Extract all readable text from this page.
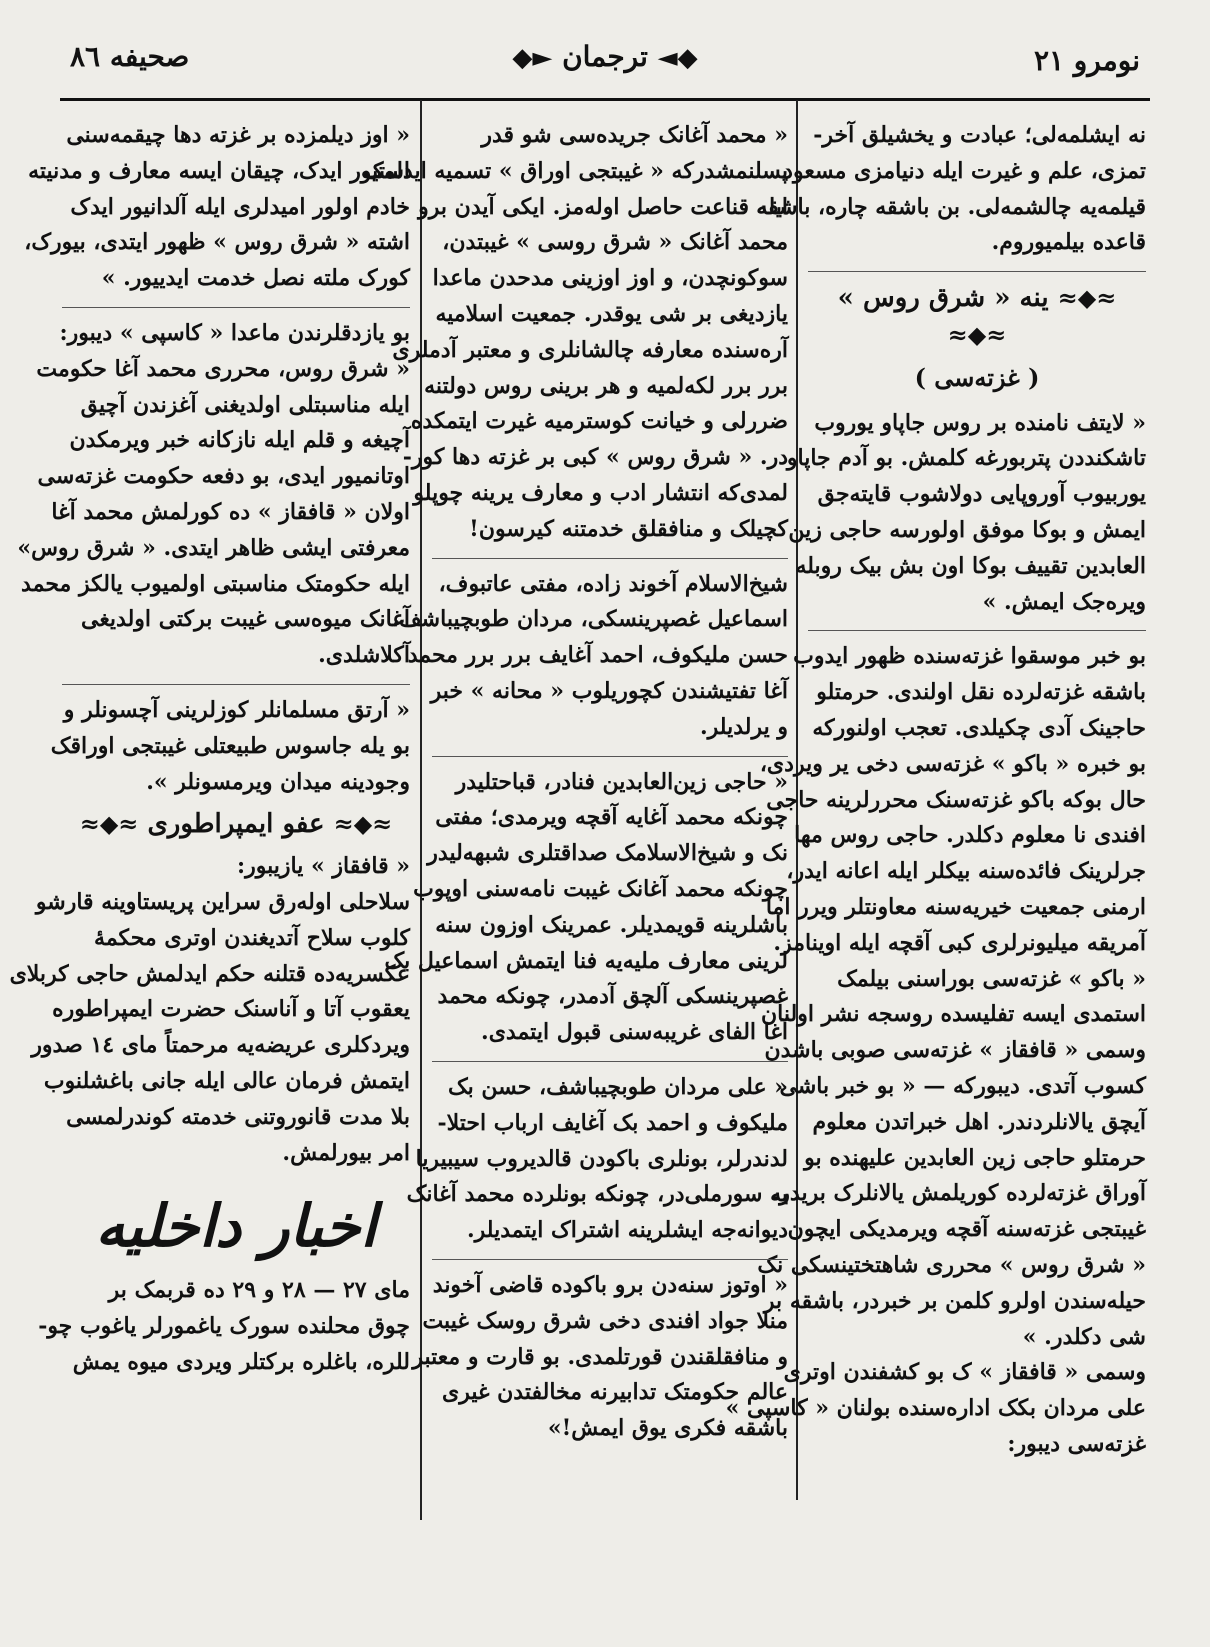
صحیفه ٨٦	◆◄ ترجمان ►◆	نومرو ٢١
نه ایشلمه‌لی؛ عبادت و یخشیلق آخر-
تمزی، علم و غیرت ایله دنیامزی مسعود
قیلمه‌یه چالشمه‌لی. بن باشقه چاره، باشقه
قاعده بیلمیوروم.
≈◆≈ ینه « شرق روس » ≈◆≈
( غزته‌سی )
« لایتف نامنده بر روس جاپاو یوروب
تاشکنددن پتربورغه کلمش. بو آدم جاپاو
یوربیوب آوروپایی دولاشوب قایته‌جق
ایمش و بوکا موفق اولورسه حاجی زین
العابدین تقییف بوکا اون بش بیک روبله
ویره‌جک ایمش. »
بو خبر موسقوا غزته‌سنده ظهور ایدوب
باشقه غزته‌لرده نقل اولندی. حرمتلو
حاجینک آدی چکیلدی. تعجب اولنورکه
بو خبره « باکو » غزته‌سی دخی یر ویردی،
حال بوکه باکو غزته‌سنک محررلرینه حاجی
افندی نا معلوم دکلدر. حاجی روس مها
جرلرینک فائده‌سنه بیکلر ایله اعانه ایدر،
ارمنی جمعیت خیریه‌سنه معاونتلر ویرر اما
آمریقه میلیونرلری کبی آقچه ایله اوینامز.
« باکو » غزته‌سی بوراسنی بیلمک
استمدی ایسه تفلیسده روسجه نشر اولنان
وسمی « قافقاز » غزته‌سی صوبی باشدن
کسوب آتدی. دیبورکه — « بو خبر باشی
آیچق یالانلردندر. اهل خبراتدن معلوم
حرمتلو حاجی زین العابدین علیهنده بو
آوراق غزته‌لرده کوریلمش یالانلرک بریدر.
غیبتجی غزته‌سنه آقچه ویرمدیکی ایچون
« شرق روس » محرری شاهتختینسکی نک
حیله‌سندن اولرو کلمن بر خبردر، باشقه بر
شی دکلدر. »
وسمی « قافقاز » ک بو کشفندن اوتری
علی مردان بکک اداره‌سنده بولنان « کاسپی »
غزته‌سی دیبور:
« محمد آغانک جریده‌سی شو قدر
پسلنمشدرکه « غیبتجی اوراق » تسمیه ایدلمک
ایله قناعت حاصل اوله‌مز. ایکی آیدن برو
محمد آغانک « شرق روسی » غیبتدن،
سوکونچدن، و اوز اوزینی مدحدن ماعدا
یازدیغی بر شی یوقدر. جمعیت اسلامیه
آره‌سنده معارفه چالشانلری و معتبر آدملری
برر برر لکه‌لمیه و هر برینی روس دولتنه
ضررلی و خیانت کوسترمیه غیرت ایتمکده
در. « شرق روس » کبی بر غزته دها کور-
لمدی‌که انتشار ادب و معارف یرینه چوپلو
کچیلک و منافقلق خدمتنه کیرسون!
شیخ‌الاسلام آخوند زاده، مفتی عاتبوف،
اسماعیل غصپرینسکی، مردان طوبچیباشف،
حسن ملیکوف، احمد آغایف برر برر محمد
آغا تفتیشندن کچوریلوب « محانه » خبر
و یرلدیلر.
« حاجی زین‌العابدین فنادر، قباحتلیدر
چونکه محمد آغایه آقچه ویرمدی؛ مفتی
نک و شیخ‌الاسلامک صداقتلری شبهه‌لیدر
چونکه محمد آغانک غیبت نامه‌سنی اوپوب
باشلرینه قویمدیلر. عمرینک اوزون سنه
لرینی معارف ملیه‌یه فنا ایتمش اسماعیل بک
غصپرینسکی آلچق آدمدر، چونکه محمد
آغا الفای غریبه‌سنی قبول ایتمدی.
« علی مردان طوبچیباشف، حسن بک
ملیکوف و احمد بک آغایف ارباب احتلا-
لدندرلر، بونلری باکودن قالدیروب سیبیریا
یه سورملی‌در، چونکه بونلرده محمد آغانک
دیوانه‌جه ایشلرینه اشتراک ایتمدیلر.
« اوتوز سنه‌دن برو باکوده قاضی آخوند
منلا جواد افندی دخی شرق روسک غیبت
و منافقلقندن قورتلمدی. بو قارت و معتبر
عالم حکومتک تدابیرنه مخالفتدن غیری
باشقه فکری یوق ایمش!»
« اوز دیلمزده بر غزته دها چیقمه‌سنی
استیور ایدک، چیقان ایسه معارف و مدنیته
خادم اولور امیدلری ایله آلدانیور ایدک
اشته « شرق روس » ظهور ایتدی، بیورک،
کورک ملته نصل خدمت ایدییور. »
بو یازدقلرندن ماعدا « کاسپی » دیبور:
« شرق روس، محرری محمد آغا حکومت
ایله مناسبتلی اولدیغنی آغزندن آچیق
آچیغه و قلم ایله نازکانه خبر ویرمکدن
اوتانمیور ایدی، بو دفعه حکومت غزته‌سی
اولان « قافقاز » ده کورلمش محمد آغا
معرفتی ایشی ظاهر ایتدی. « شرق روس»
ایله حکومتک مناسبتی اولمیوب یالکز محمد
آغانک میوه‌سی غیبت برکتی اولدیغی
آکلاشلدی.
« آرتق مسلمانلر کوزلرینی آچسونلر و
بو یله جاسوس طبیعتلی غیبتجی اوراقک
وجودینه میدان ویرمسونلر ».
≈◆≈ عفو ایمپراطوری ≈◆≈
« قافقاز » یازیبور:
سلاحلی اوله‌رق سراین پریستاوینه قارشو
کلوب سلاح آتدیغندن اوتری محکمهٔ
عکسریه‌ده قتلنه حکم ایدلمش حاجی کربلای
یعقوب آتا و آناسنک حضرت ایمپراطوره
ویردکلری عریضه‌یه مرحمتاً مای ١٤ صدور
ایتمش فرمان عالی ایله جانی باغشلنوب
بلا مدت قانوروتنی خدمته کوندرلمسی
امر بیورلمش.
اخبار داخلیه
مای ٢٧ — ٢٨ و ٢٩ ده قربمک بر
چوق محلنده سورک یاغمورلر یاغوب چو-
للره، باغلره برکتلر ویردی میوه یمش
